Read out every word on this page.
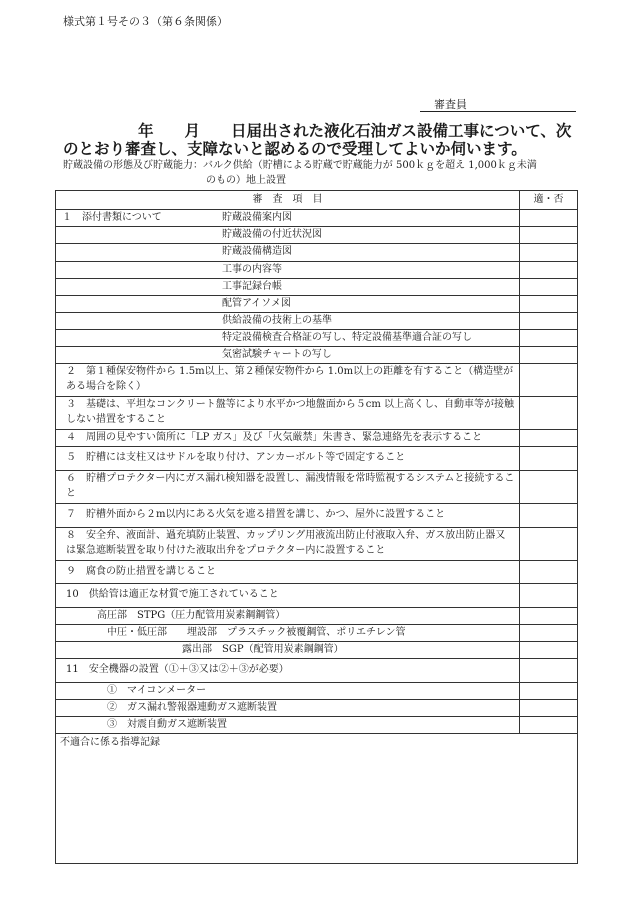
様式第１号その３（第６条関係）
審査員
年　　月　　日届出された液化石油ガス設備工事について、次
のとおり審査し、支障ないと認めるので受理してよいか伺います。
貯蔵設備の形態及び貯蔵能力：バルク供給（貯槽による貯蔵で貯蔵能力が 500ｋｇを超え 1,000ｋｇ未満
のもの）地上設置
審　査　項　目	適・否

１　添付書類について 貯蔵設備案内図	

貯蔵設備の付近状況図	

貯蔵設備構造図	

工事の内容等	

工事記録台帳	

配管アイソメ図	

供給設備の技術上の基準	

特定設備検査合格証の写し、特定設備基準適合証の写し	

気密試験チャートの写し	

２　第１種保安物件から 1.5m以上、第２種保安物件から 1.0m以上の距離を有すること（構造壁がある場合を除く）	

３　基礎は、平坦なコンクリート盤等により水平かつ地盤面から５cm 以上高くし、自動車等が接触しない措置をすること	

４　周囲の見やすい箇所に「LP ガス」及び「火気厳禁」朱書き、緊急連絡先を表示すること	

５　貯槽には支柱又はサドルを取り付け、アンカーボルト等で固定すること	

６　貯槽プロテクター内にガス漏れ検知器を設置し、漏洩情報を常時監視するシステムと接続すること	

７　貯槽外面から２m以内にある火気を遮る措置を講じ、かつ、屋外に設置すること	

８　安全弁、液面計、過充填防止装置、カップリング用液流出防止付液取入弁、ガス放出防止器又は緊急遮断装置を取り付けた液取出弁をプロテクター内に設置すること	

９　腐食の防止措置を講じること	

10　供給管は適正な材質で施工されていること	

高圧部　STPG（圧力配管用炭素鋼鋼管）	

中圧・低圧部　　埋設部　プラスチック被覆鋼管、ポリエチレン管	

露出部　SGP（配管用炭素鋼鋼管）	

11　安全機器の設置（①＋③又は②＋③が必要）	

①　マイコンメーター	

②　ガス漏れ警報器連動ガス遮断装置	

③　対震自動ガス遮断装置	

不適合に係る指導記録	
